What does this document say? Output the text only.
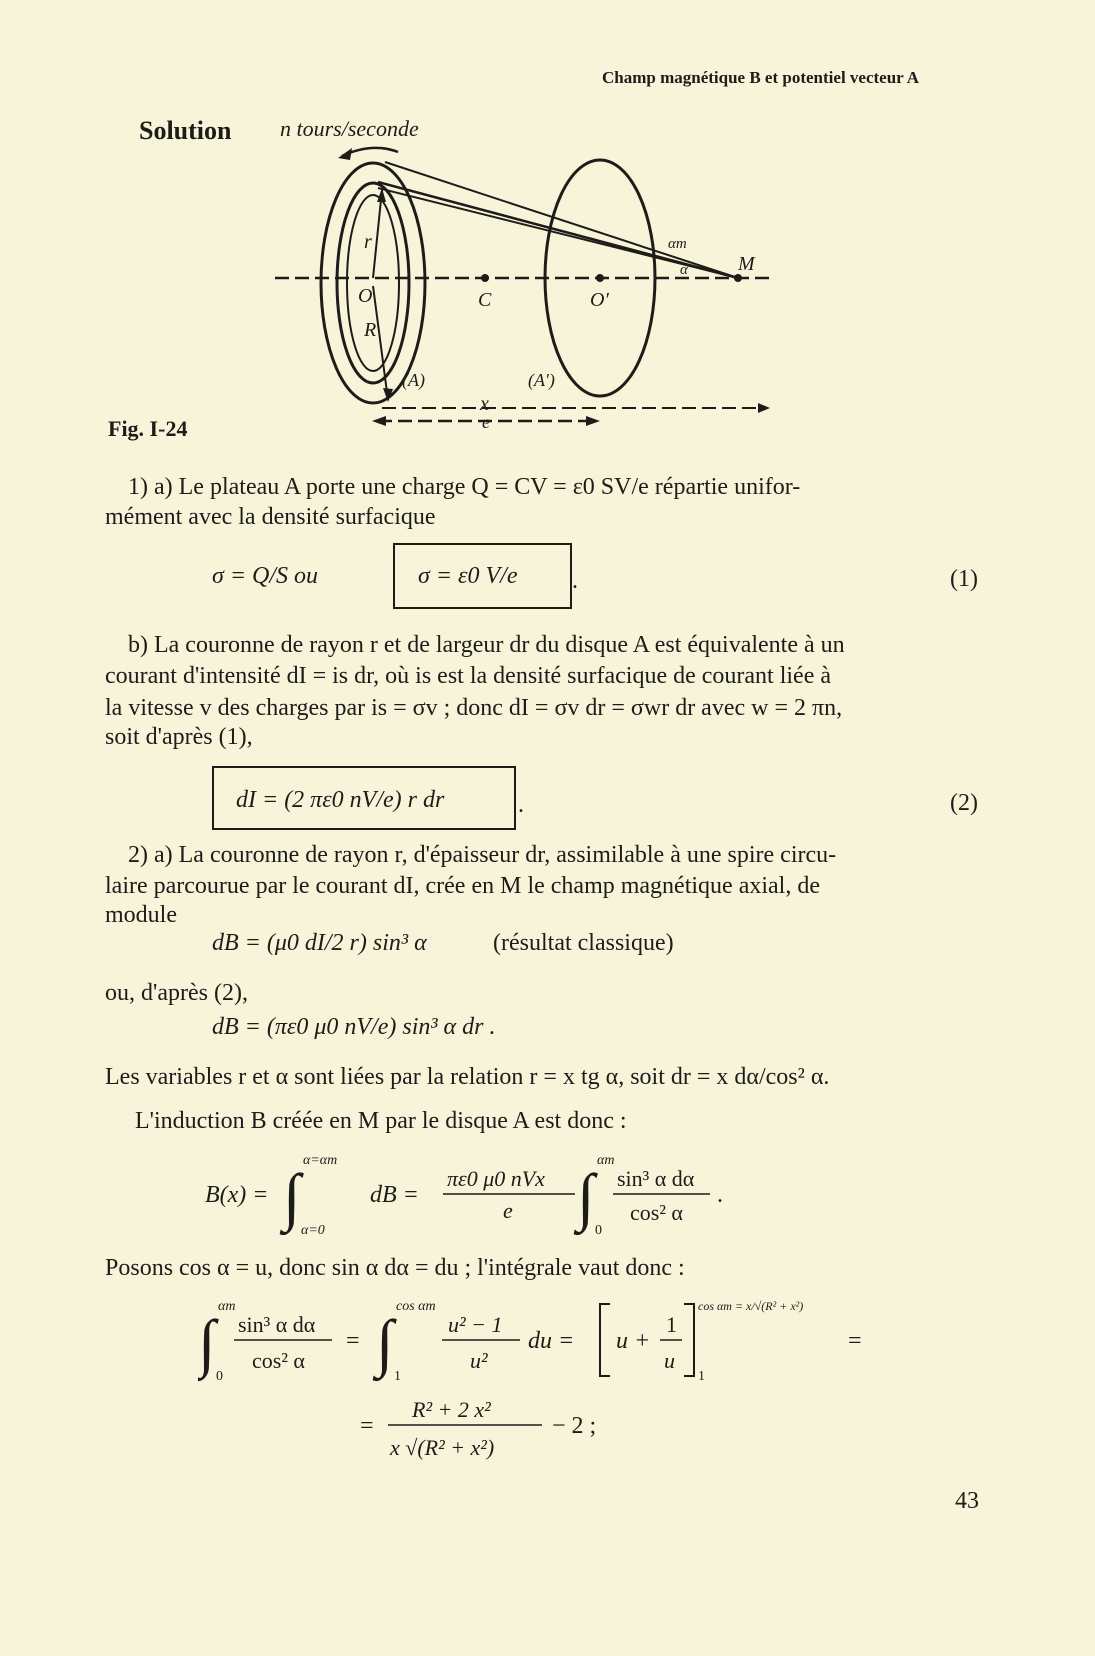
Champ magnétique B et potentiel vecteur A
Solution n tours/seconde
r
O
R
C	O′
M
αm
α
(A)	(A′)
x
e
Fig. I-24
1) a) Le plateau A porte une charge Q = CV = ε0 SV/e répartie unifor-
mément avec la densité surfacique
σ = Q/S ou	σ = ε0 V/e .	(1)
b) La couronne de rayon r et de largeur dr du disque A est équivalente à un
courant d'intensité dI = is dr, où is est la densité surfacique de courant liée à
la vitesse v des charges par is = σv ; donc dI = σv dr = σwr dr avec w = 2 πn,
soit d'après (1),
dI = (2 πε0 nV/e) r dr	.	(2)
2) a) La couronne de rayon r, d'épaisseur dr, assimilable à une spire circu-
laire parcourue par le courant dI, crée en M le champ magnétique axial, de
module
dB = (μ0 dI/2 r) sin³ α	(résultat classique)
ou, d'après (2),
dB = (πε0 μ0 nV/e) sin³ α dr .
Les variables r et α sont liées par la relation r = x tg α, soit dr = x dα/cos² α.
L'induction B créée en M par le disque A est donc :
B(x) = ∫
α=αm
α=0
dB =
πε0 μ0 nVx
e ∫
αm
0
sin³ α dα
cos² α
.
Posons cos α = u, donc sin α dα = du ; l'intégrale vaut donc :
∫
αm
0
sin³ α dα
cos² α
= ∫
cos αm
1
u² − 1
u²
du = u +
1
u
cos αm = x/√(R² + x²)
1
=
=
R² + 2 x²
x √(R² + x²)
− 2 ;
43
